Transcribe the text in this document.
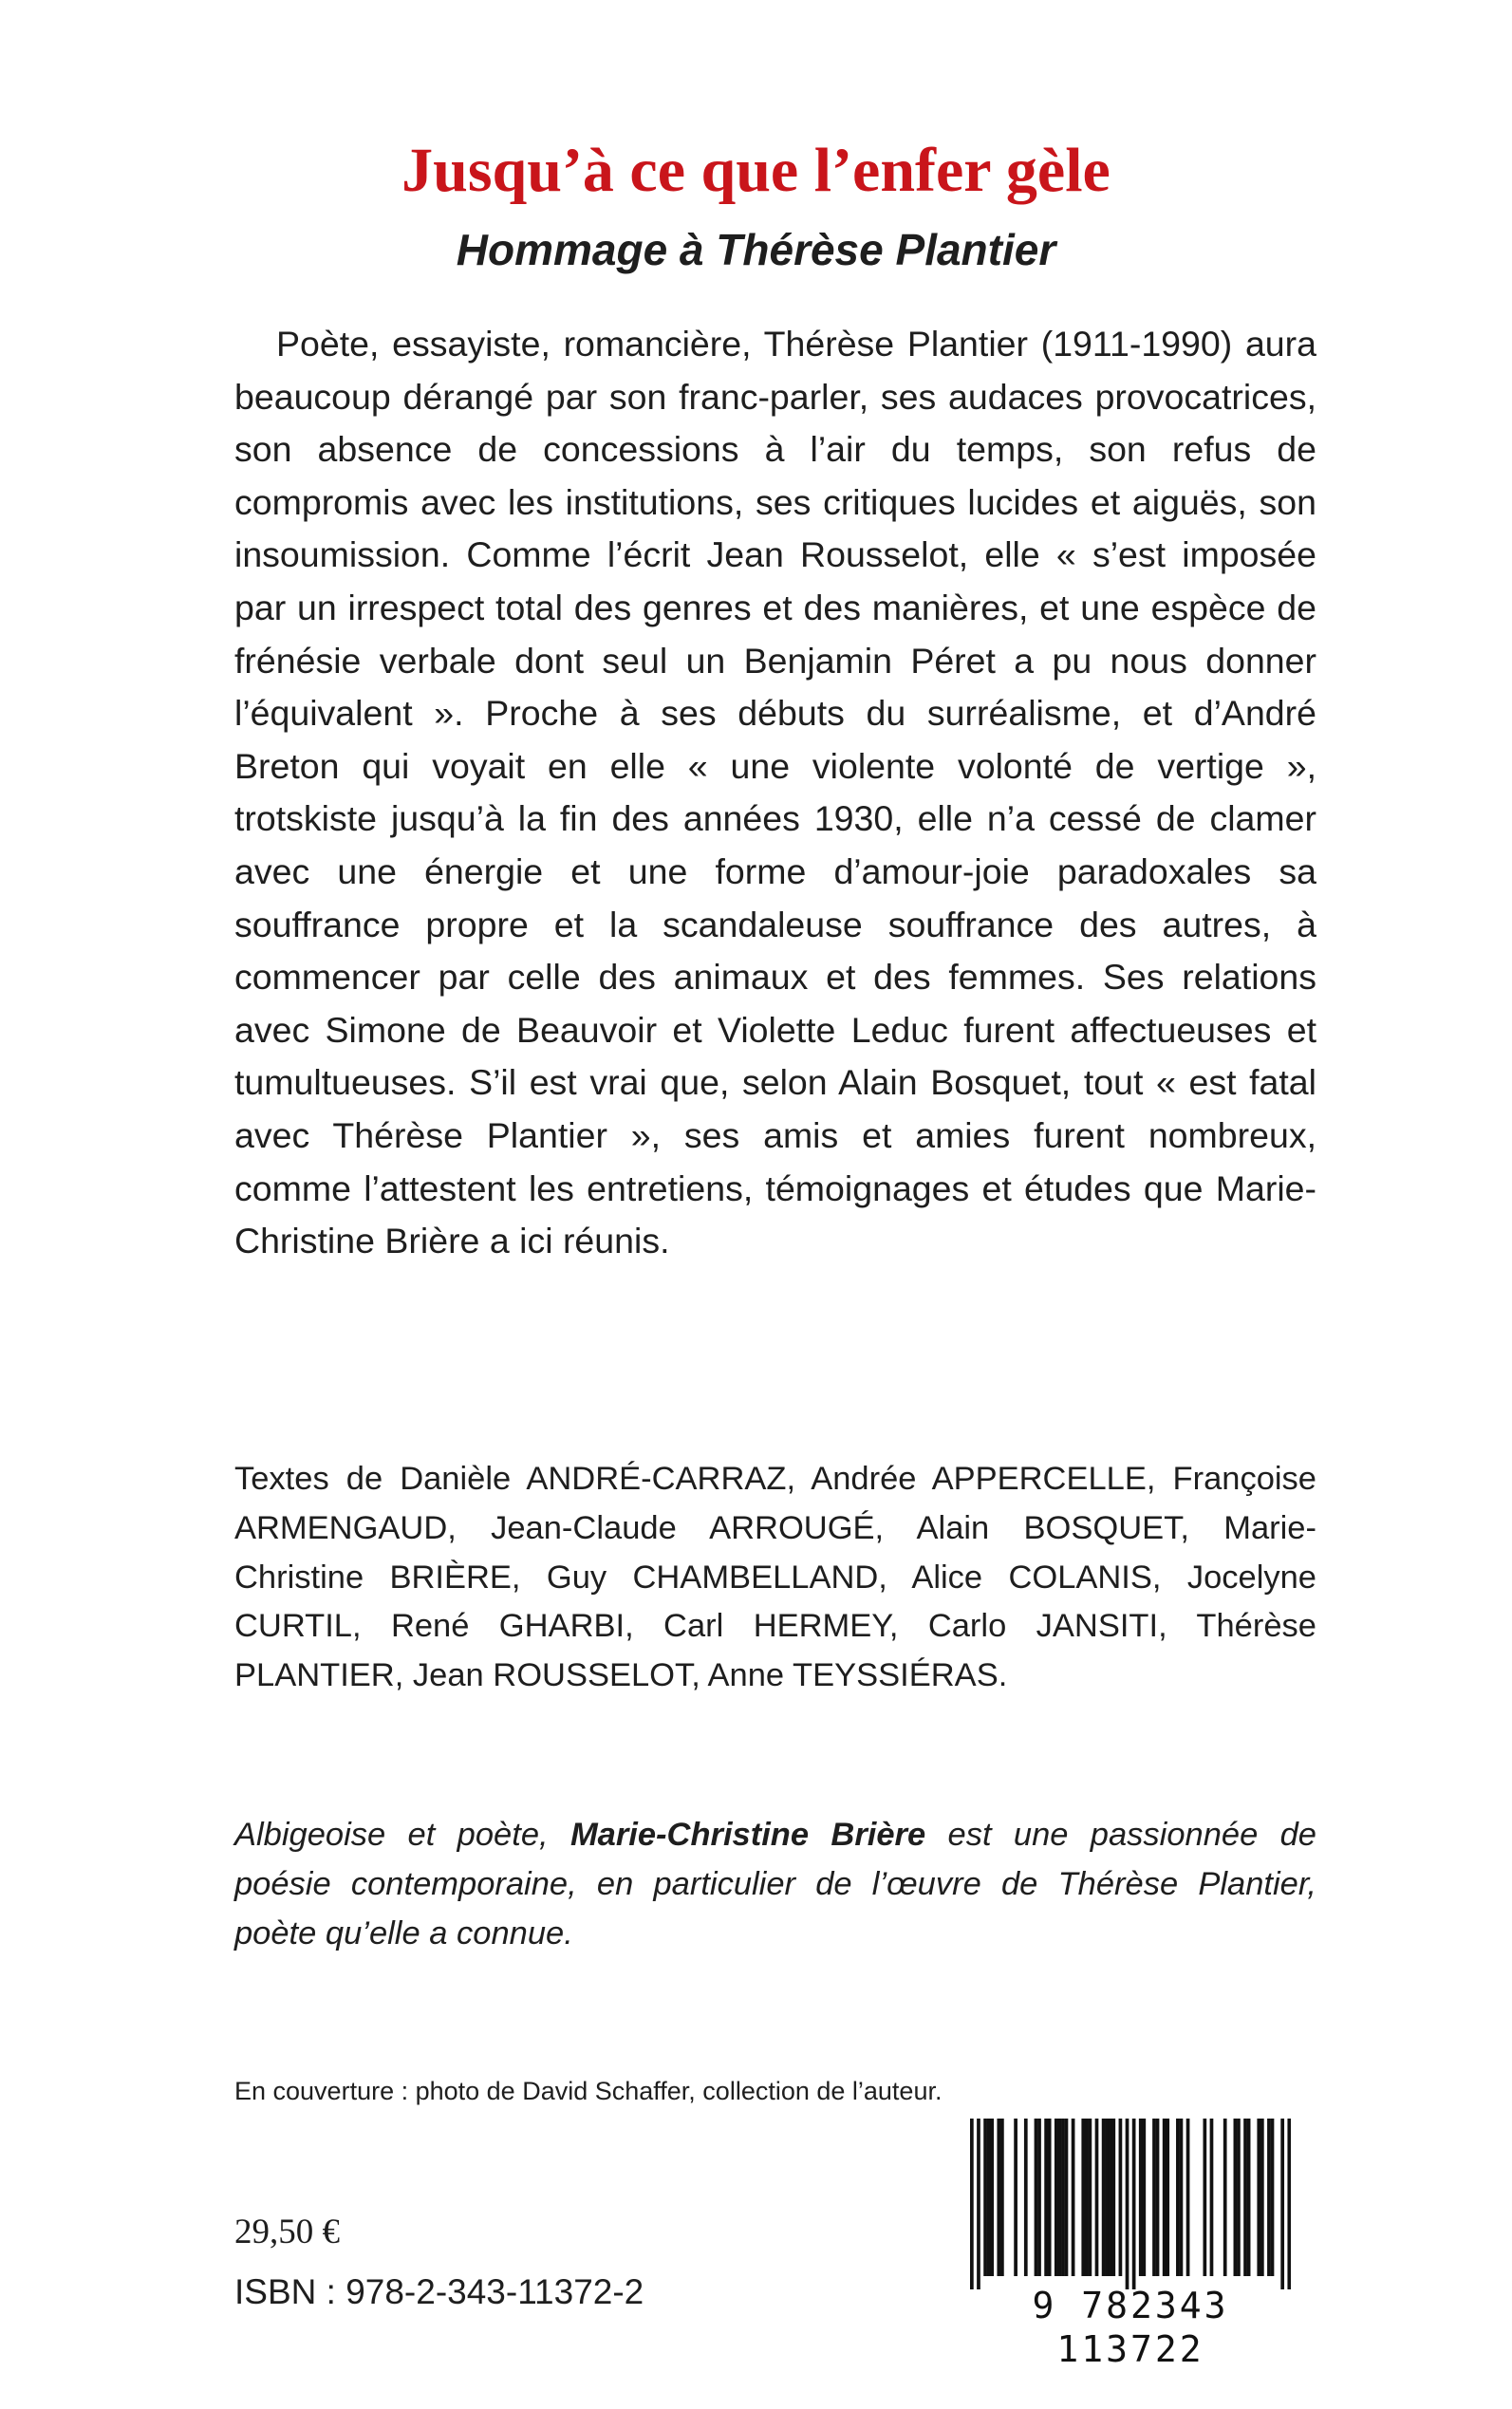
Jusqu’à ce que l’enfer gèle
Hommage à Thérèse Plantier

Poète, essayiste, romancière, Thérèse Plantier (1911-1990) aura beaucoup dérangé par son franc-parler, ses audaces provocatrices, son absence de concessions à l’air du temps, son refus de compromis avec les institutions, ses critiques lucides et aiguës, son insoumission. Comme l’écrit Jean Rousselot, elle « s’est imposée par un irrespect total des genres et des manières, et une espèce de frénésie verbale dont seul un Benjamin Péret a pu nous donner l’équivalent ». Proche à ses débuts du surréalisme, et d’André Breton qui voyait en elle « une violente volonté de vertige », trotskiste jusqu’à la fin des années 1930, elle n’a cessé de clamer avec une énergie et une forme d’amour-joie paradoxales sa souffrance propre et la scandaleuse souffrance des autres, à commencer par celle des animaux et des femmes. Ses relations avec Simone de Beauvoir et Violette Leduc furent affectueuses et tumultueuses. S’il est vrai que, selon Alain Bosquet, tout « est fatal avec Thérèse Plantier », ses amis et amies furent nombreux, comme l’attestent les entretiens, témoignages et études que Marie-Christine Brière a ici réunis.

Textes de Danièle ANDRÉ-CARRAZ, Andrée APPERCELLE, Françoise ARMENGAUD, Jean-Claude ARROUGÉ, Alain BOSQUET, Marie-Christine BRIÈRE, Guy CHAMBELLAND, Alice COLANIS, Jocelyne CURTIL, René GHARBI, Carl HERMEY, Carlo JANSITI, Thérèse PLANTIER, Jean ROUSSELOT, Anne TEYSSIÉRAS.

Albigeoise et poète, Marie-Christine Brière est une passionnée de poésie contemporaine, en particulier de l’œuvre de Thérèse Plantier, poète qu’elle a connue.

En couverture : photo de David Schaffer, collection de l’auteur.

29,50 €

ISBN : 978-2-343-11372-2	9 782343 113722
